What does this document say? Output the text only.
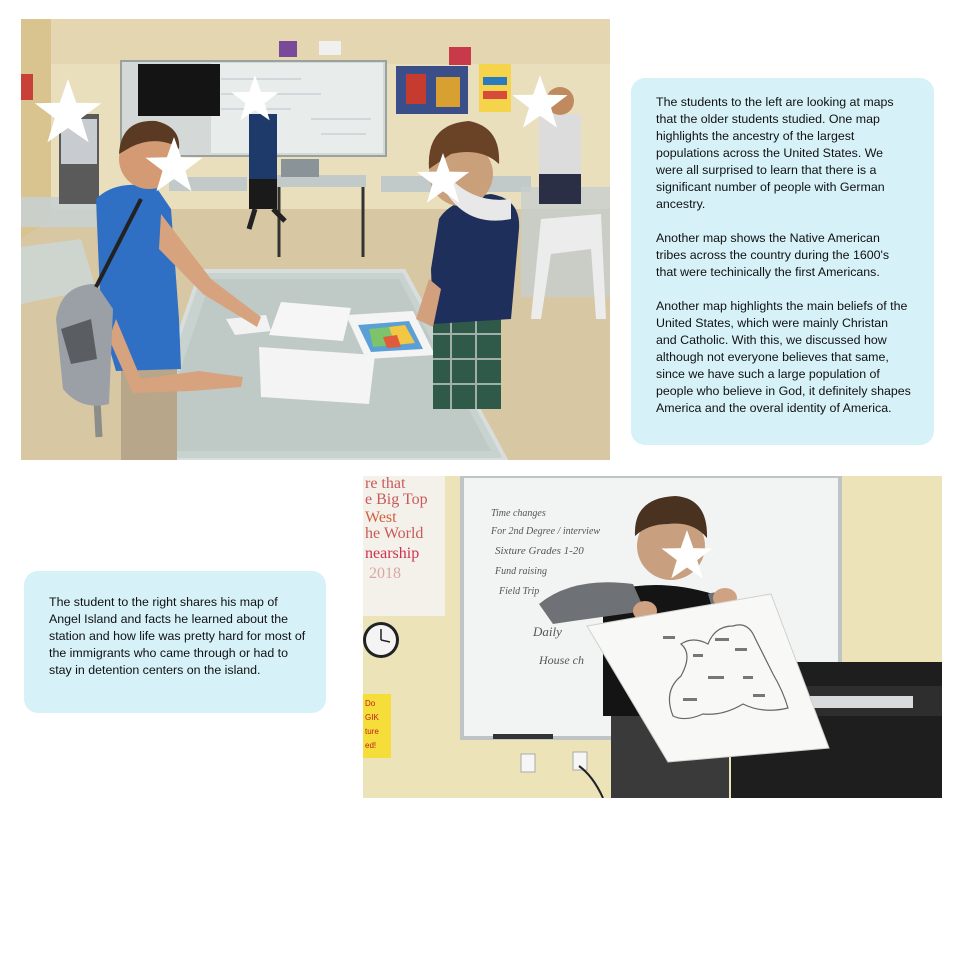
The students to the left are looking at maps that the older students studied. One map highlights the ancestry of the largest populations across the United States. We were all surprised to learn that there is a significant number of people with German ancestry.

Another map shows the Native American tribes across the country during the 1600's that were techinically the first Americans.

Another map highlights the main beliefs of the United States, which were mainly Christan and Catholic. With this, we discussed how although not everyone believes that same, since we have such a large population of people who believe in God, it definitely shapes America and the overal identity of America.

The student to the right shares his map of Angel Island and facts he learned about the station and how life was pretty hard for most of the immigrants who came through or had to stay in detention centers on the island.

re that
e Big Top
West
he World
nearship
2018
Do
GIK
ture
ed!
Time changes
For 2nd Degree / interview
Sixture Grades 1-20
Fund raising
Field Trip
Daily
House ch
